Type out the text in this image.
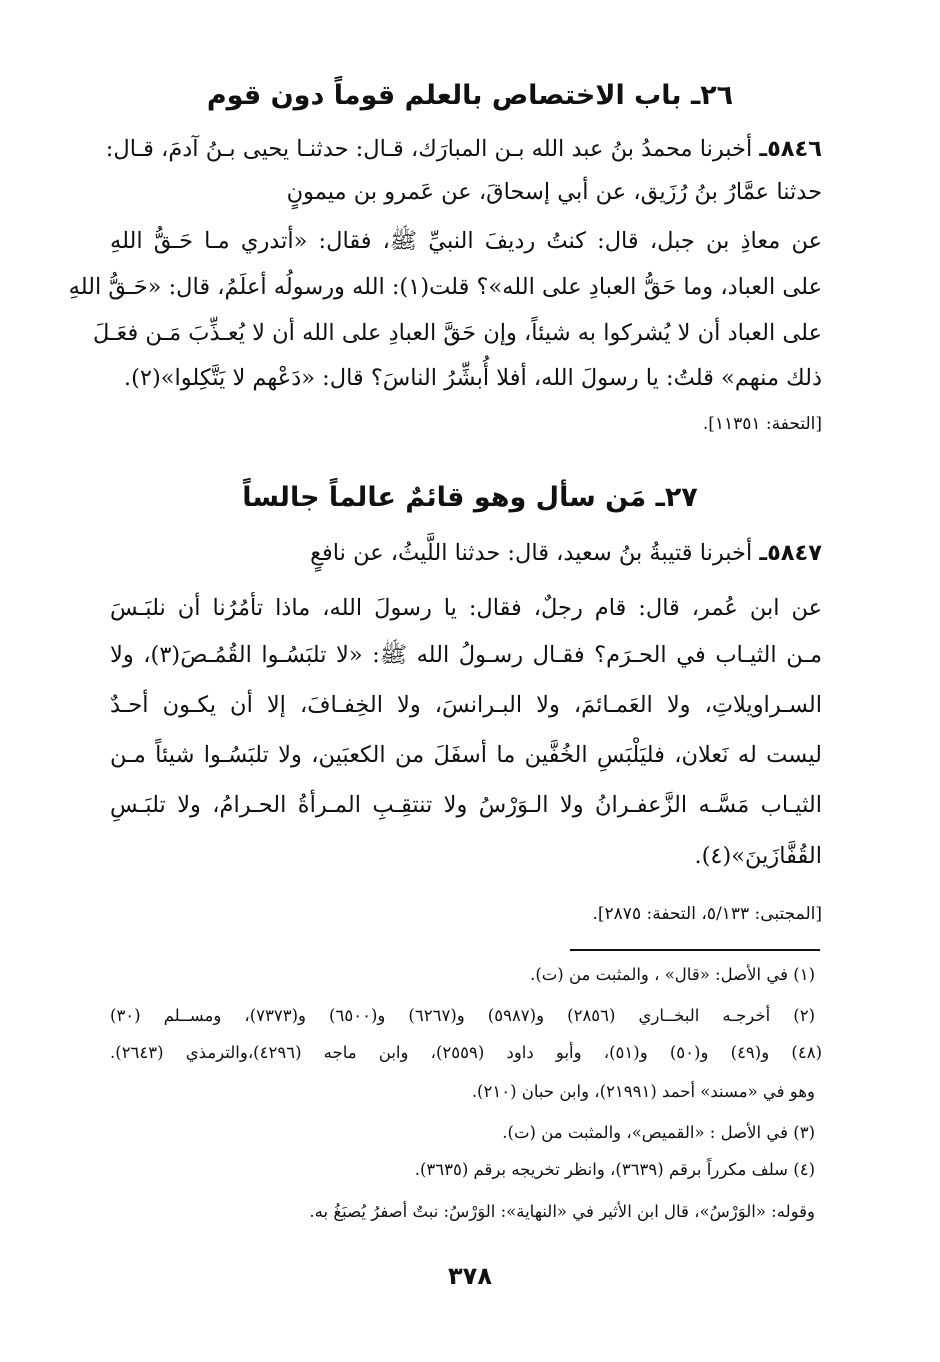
٢٦ـ باب الاختصاص بالعلم قوماً دون قوم
٥٨٤٦ـ أخبرنا محمدُ بنُ عبد الله بـن المبارَك، قـال: حدثنـا يحيى بـنُ آدمَ، قـال:
حدثنا عمَّارُ بنُ رُزَيق، عن أبي إسحاقَ، عن عَمرو بن ميمونٍ
عن معاذِ بن جبل، قال: كنتُ رديفَ النبيِّ ﷺ، فقال: «أتدري مـا حَـقُّ اللهِ
على العباد، وما حَقُّ العبادِ على الله»؟ قلت(١): الله ورسولُه أعلَمُ، قال: «حَـقُّ اللهِ
على العباد أن لا يُشركوا به شيئاً، وإن حَقَّ العبادِ على الله أن لا يُعـذِّبَ مَـن فعَـلَ
ذلك منهم» قلتُ: يا رسولَ الله، أفلا أُبشِّرُ الناسَ؟ قال: «دَعْهم لا يَتَّكِلوا»(٢).
[التحفة: ١١٣٥١].
٢٧ـ مَن سأل وهو قائمٌ عالماً جالساً
٥٨٤٧ـ أخبرنا قتيبةُ بنُ سعيد، قال: حدثنا اللَّيثُ، عن نافعٍ
عن ابن عُمر، قال: قام رجلٌ، فقال: يا رسولَ الله، ماذا تأمُرُنا أن نلبَـسَ
مـن الثيـاب في الحـرَم؟ فقـال رسـولُ الله ﷺ: «لا تلبَسُـوا القُمُـصَ(٣)، ولا
السـراويلاتِ، ولا العَمـائمَ، ولا البـرانسَ، ولا الخِفـافَ، إلا أن يكـون أحـدٌ
ليست له نَعلان، فليَلْبَسِ الخُفَّين ما أسفَلَ من الكعبَين، ولا تلبَسُـوا شيئاً مـن
الثيـاب مَسَّـه الزَّعفـرانُ ولا الـوَرْسُ ولا تنتقِـبِ المـرأةُ الحـرامُ، ولا تلبَـسِ
القُفَّازَينَ»(٤).
[المجتبى: ٥/١٣٣، التحفة: ٢٨٧٥].
(١) في الأصل: «قال» ، والمثبت من (ت).
(٢) أخرجـه البخــاري (٢٨٥٦) و(٥٩٨٧) و(٦٢٦٧) و(٦٥٠٠) و(٧٣٧٣)، ومســلم (٣٠)
(٤٨) و(٤٩) و(٥٠) و(٥١)، وأبو داود (٢٥٥٩)، وابن ماجه (٤٢٩٦)،والترمذي (٢٦٤٣).
وهو في «مسند» أحمد (٢١٩٩١)، وابن حبان (٢١٠).
(٣) في الأصل : «القميص»، والمثبت من (ت).
(٤) سلف مكرراً برقم (٣٦٣٩)، وانظر تخريجه برقم (٣٦٣٥).
وقوله: «الوَرْسُ»، قال ابن الأثير في «النهاية»: الوَرْسُ: نبتٌ أصفرُ يُصبَغُ به.
٣٧٨
